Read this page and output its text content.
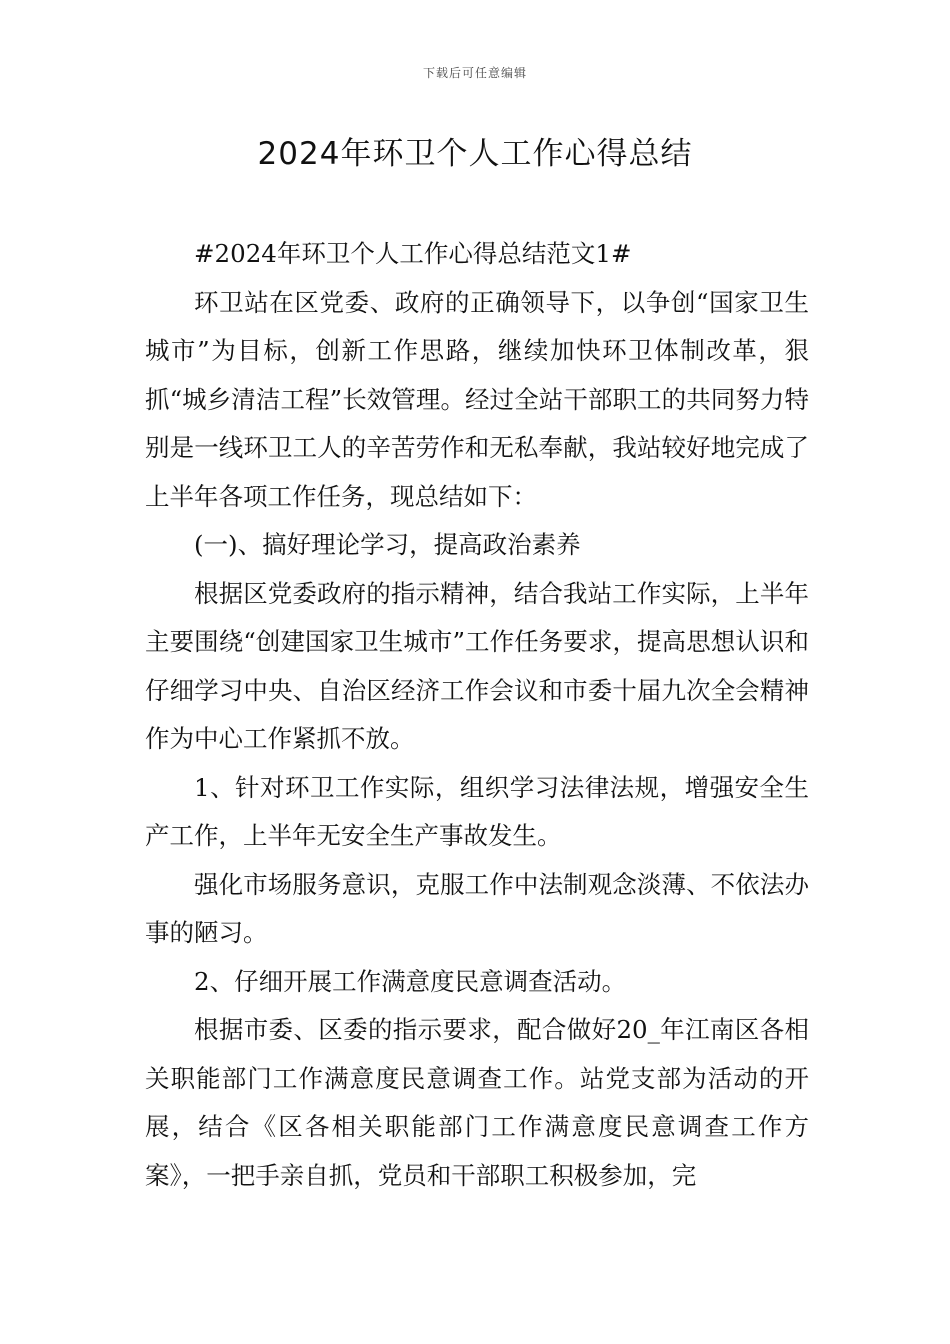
下载后可任意编辑
2024年环卫个人工作心得总结

#2024年环卫个人工作心得总结范文1#

环卫站在区党委、政府的正确领导下，以争创“国家卫生城市”为目标，创新工作思路，继续加快环卫体制改革，狠抓“城乡清洁工程”长效管理。经过全站干部职工的共同努力特别是一线环卫工人的辛苦劳作和无私奉献，我站较好地完成了上半年各项工作任务，现总结如下：

(一)、搞好理论学习，提高政治素养

根据区党委政府的指示精神，结合我站工作实际，上半年主要围绕“创建国家卫生城市”工作任务要求，提高思想认识和仔细学习中央、自治区经济工作会议和市委十届九次全会精神作为中心工作紧抓不放。

1、针对环卫工作实际，组织学习法律法规，增强安全生产工作，上半年无安全生产事故发生。

强化市场服务意识，克服工作中法制观念淡薄、不依法办事的陋习。

2、仔细开展工作满意度民意调查活动。

根据市委、区委的指示要求，配合做好20_年江南区各相关职能部门工作满意度民意调查工作。站党支部为活动的开展，结合《区各相关职能部门工作满意度民意调查工作方案》，一把手亲自抓，党员和干部职工积极参加，完
